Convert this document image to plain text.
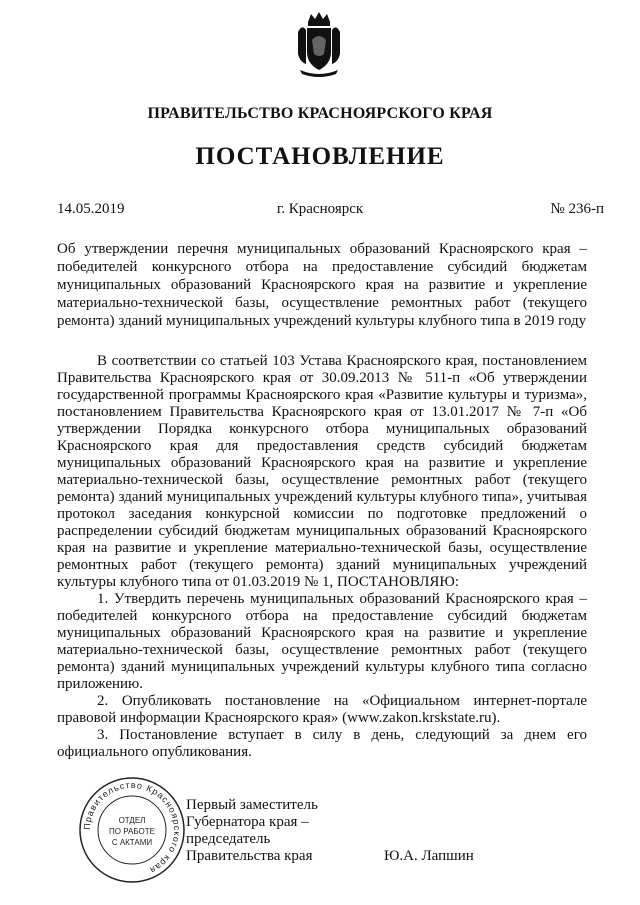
ПРАВИТЕЛЬСТВО КРАСНОЯРСКОГО КРАЯ
ПОСТАНОВЛЕНИЕ
14.05.2019	г. Красноярск	№ 236-п
Об утверждении перечня муниципальных образований Красноярского края – победителей конкурсного отбора на предоставление субсидий бюджетам муниципальных образований Красноярского края на развитие и укрепление материально-технической базы, осуществление ремонтных работ (текущего ремонта) зданий муниципальных учреждений культуры клубного типа в 2019 году

В соответствии со статьей 103 Устава Красноярского края, постановлением Правительства Красноярского края от 30.09.2013 № 511-п «Об утверждении государственной программы Красноярского края «Развитие культуры и туризма», постановлением Правительства Красноярского края от 13.01.2017 № 7-п «Об утверждении Порядка конкурсного отбора муниципальных образований Красноярского края для предоставления средств субсидий бюджетам муниципальных образований Красноярского края на развитие и укрепление материально-технической базы, осуществление ремонтных работ (текущего ремонта) зданий муниципальных учреждений культуры клубного типа», учитывая протокол заседания конкурсной комиссии по подготовке предложений о распределении субсидий бюджетам муниципальных образований Красноярского края на развитие и укрепление материально-технической базы, осуществление ремонтных работ (текущего ремонта) зданий муниципальных учреждений культуры клубного типа от 01.03.2019 № 1, ПОСТАНОВЛЯЮ:

1. Утвердить перечень муниципальных образований Красноярского края – победителей конкурсного отбора на предоставление субсидий бюджетам муниципальных образований Красноярского края на развитие и укрепление материально-технической базы, осуществление ремонтных работ (текущего ремонта) зданий муниципальных учреждений культуры клубного типа согласно приложению.

2. Опубликовать постановление на «Официальном интернет-портале правовой информации Красноярского края» (www.zakon.krskstate.ru).

3. Постановление вступает в силу в день, следующий за днем его официального опубликования.

Правительство Красноярского края
ОТДЕЛ
ПО РАБОТЕ
С АКТАМИ
Первый заместитель
Губернатора края –
председатель
Правительства края	Ю.А. Лапшин
